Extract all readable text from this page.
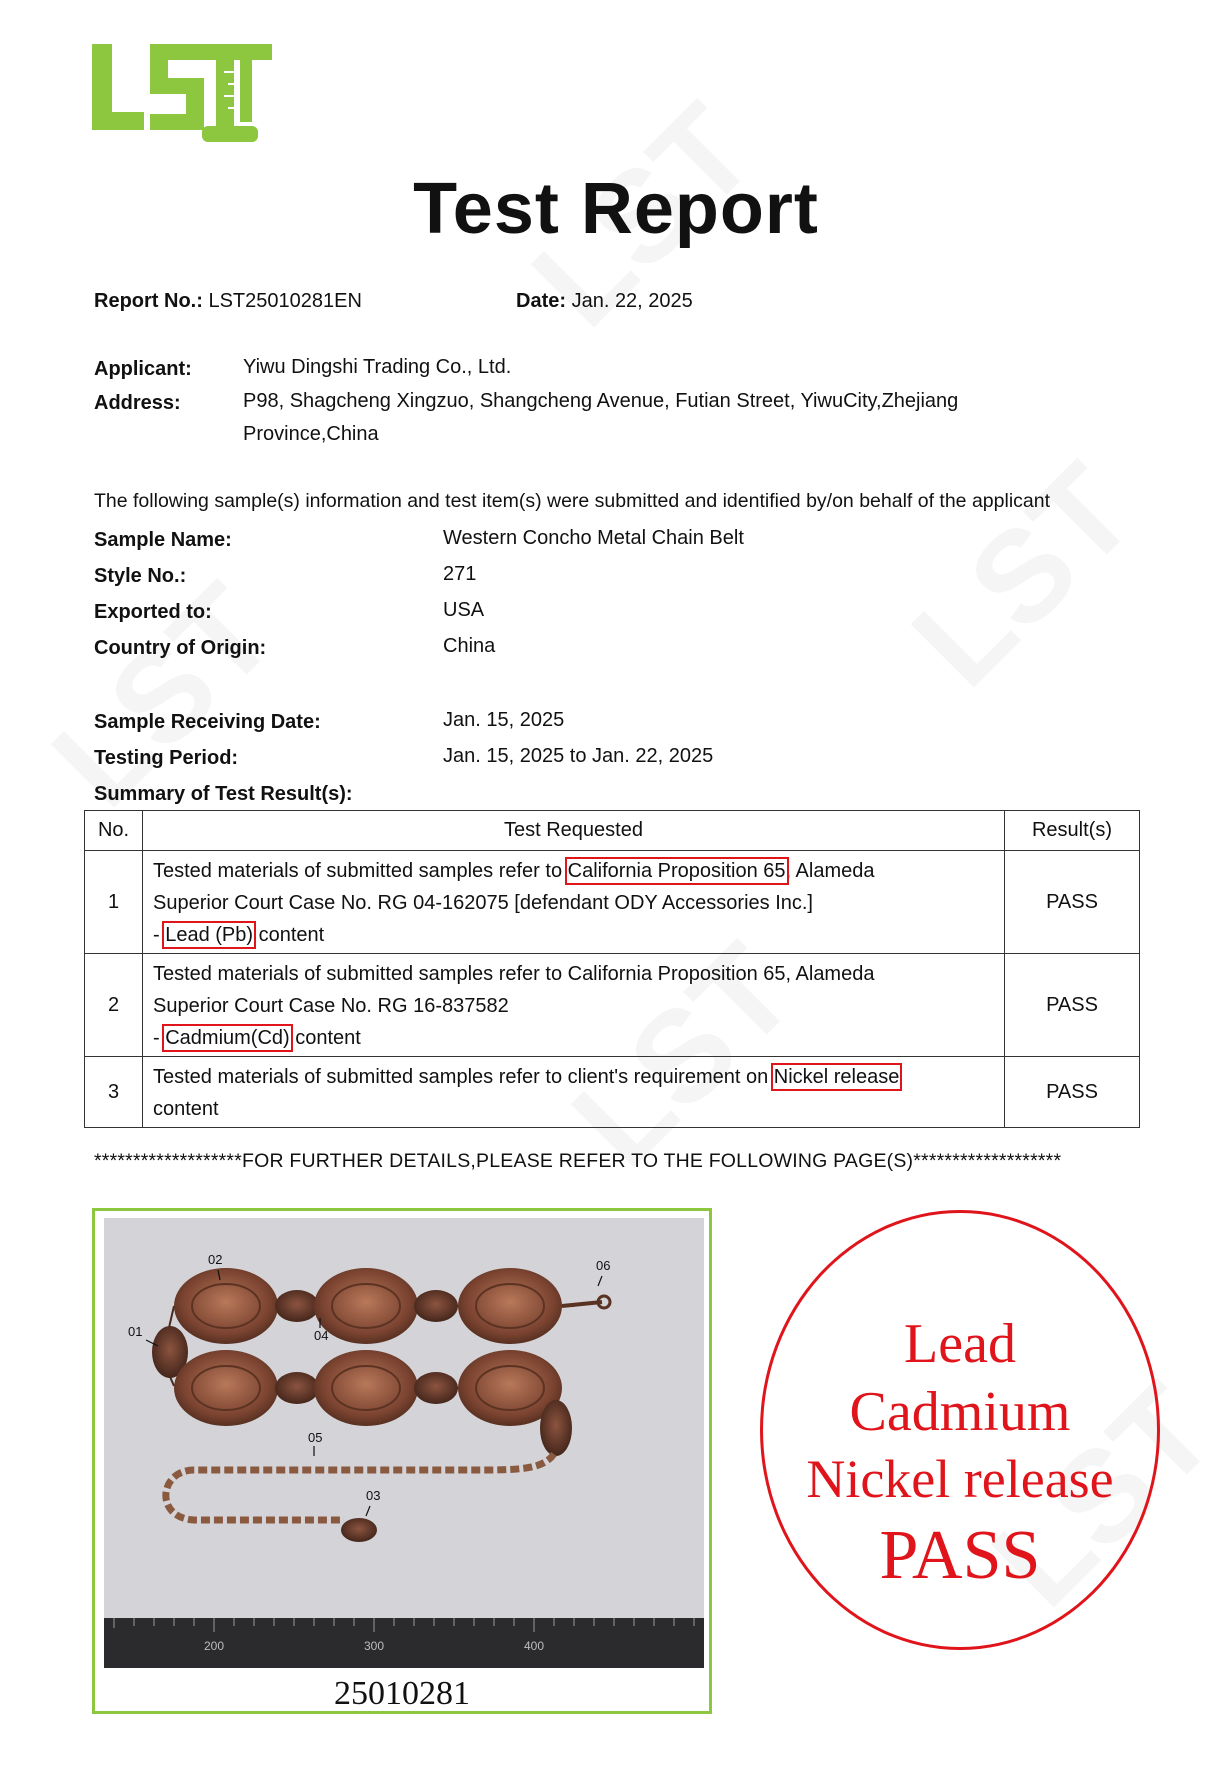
Test Report
Report No.: LST25010281EN	Date: Jan. 22, 2025
Applicant:	Yiwu Dingshi Trading Co., Ltd.
Address:	P98, Shagcheng Xingzuo, Shangcheng Avenue, Futian Street, YiwuCity,Zhejiang
Province,China
The following sample(s) information and test item(s) were submitted and identified by/on behalf of the applicant
Sample Name:	Western Concho Metal Chain Belt
Style No.:	271
Exported to:	USA
Country of Origin:	China
Sample Receiving Date:	Jan. 15, 2025
Testing Period:	Jan. 15, 2025 to Jan. 22, 2025
Summary of Test Result(s):
No.	Test Requested	Result(s)
1	Tested materials of submitted samples refer to California Proposition 65, Alameda
Superior Court Case No. RG 04-162075 [defendant ODY Accessories Inc.]
- Lead (Pb) content	PASS
2	Tested materials of submitted samples refer to California Proposition 65, Alameda
Superior Court Case No. RG 16-837582
- Cadmium(Cd) content	PASS
3	Tested materials of submitted samples refer to client's requirement on Nickel release
content	PASS
*******************FOR FURTHER DETAILS,PLEASE REFER TO THE FOLLOWING PAGE(S)*******************
02
01	04
06
05
03
200	300	400
25010281
Lead
Cadmium
Nickel release
PASS
